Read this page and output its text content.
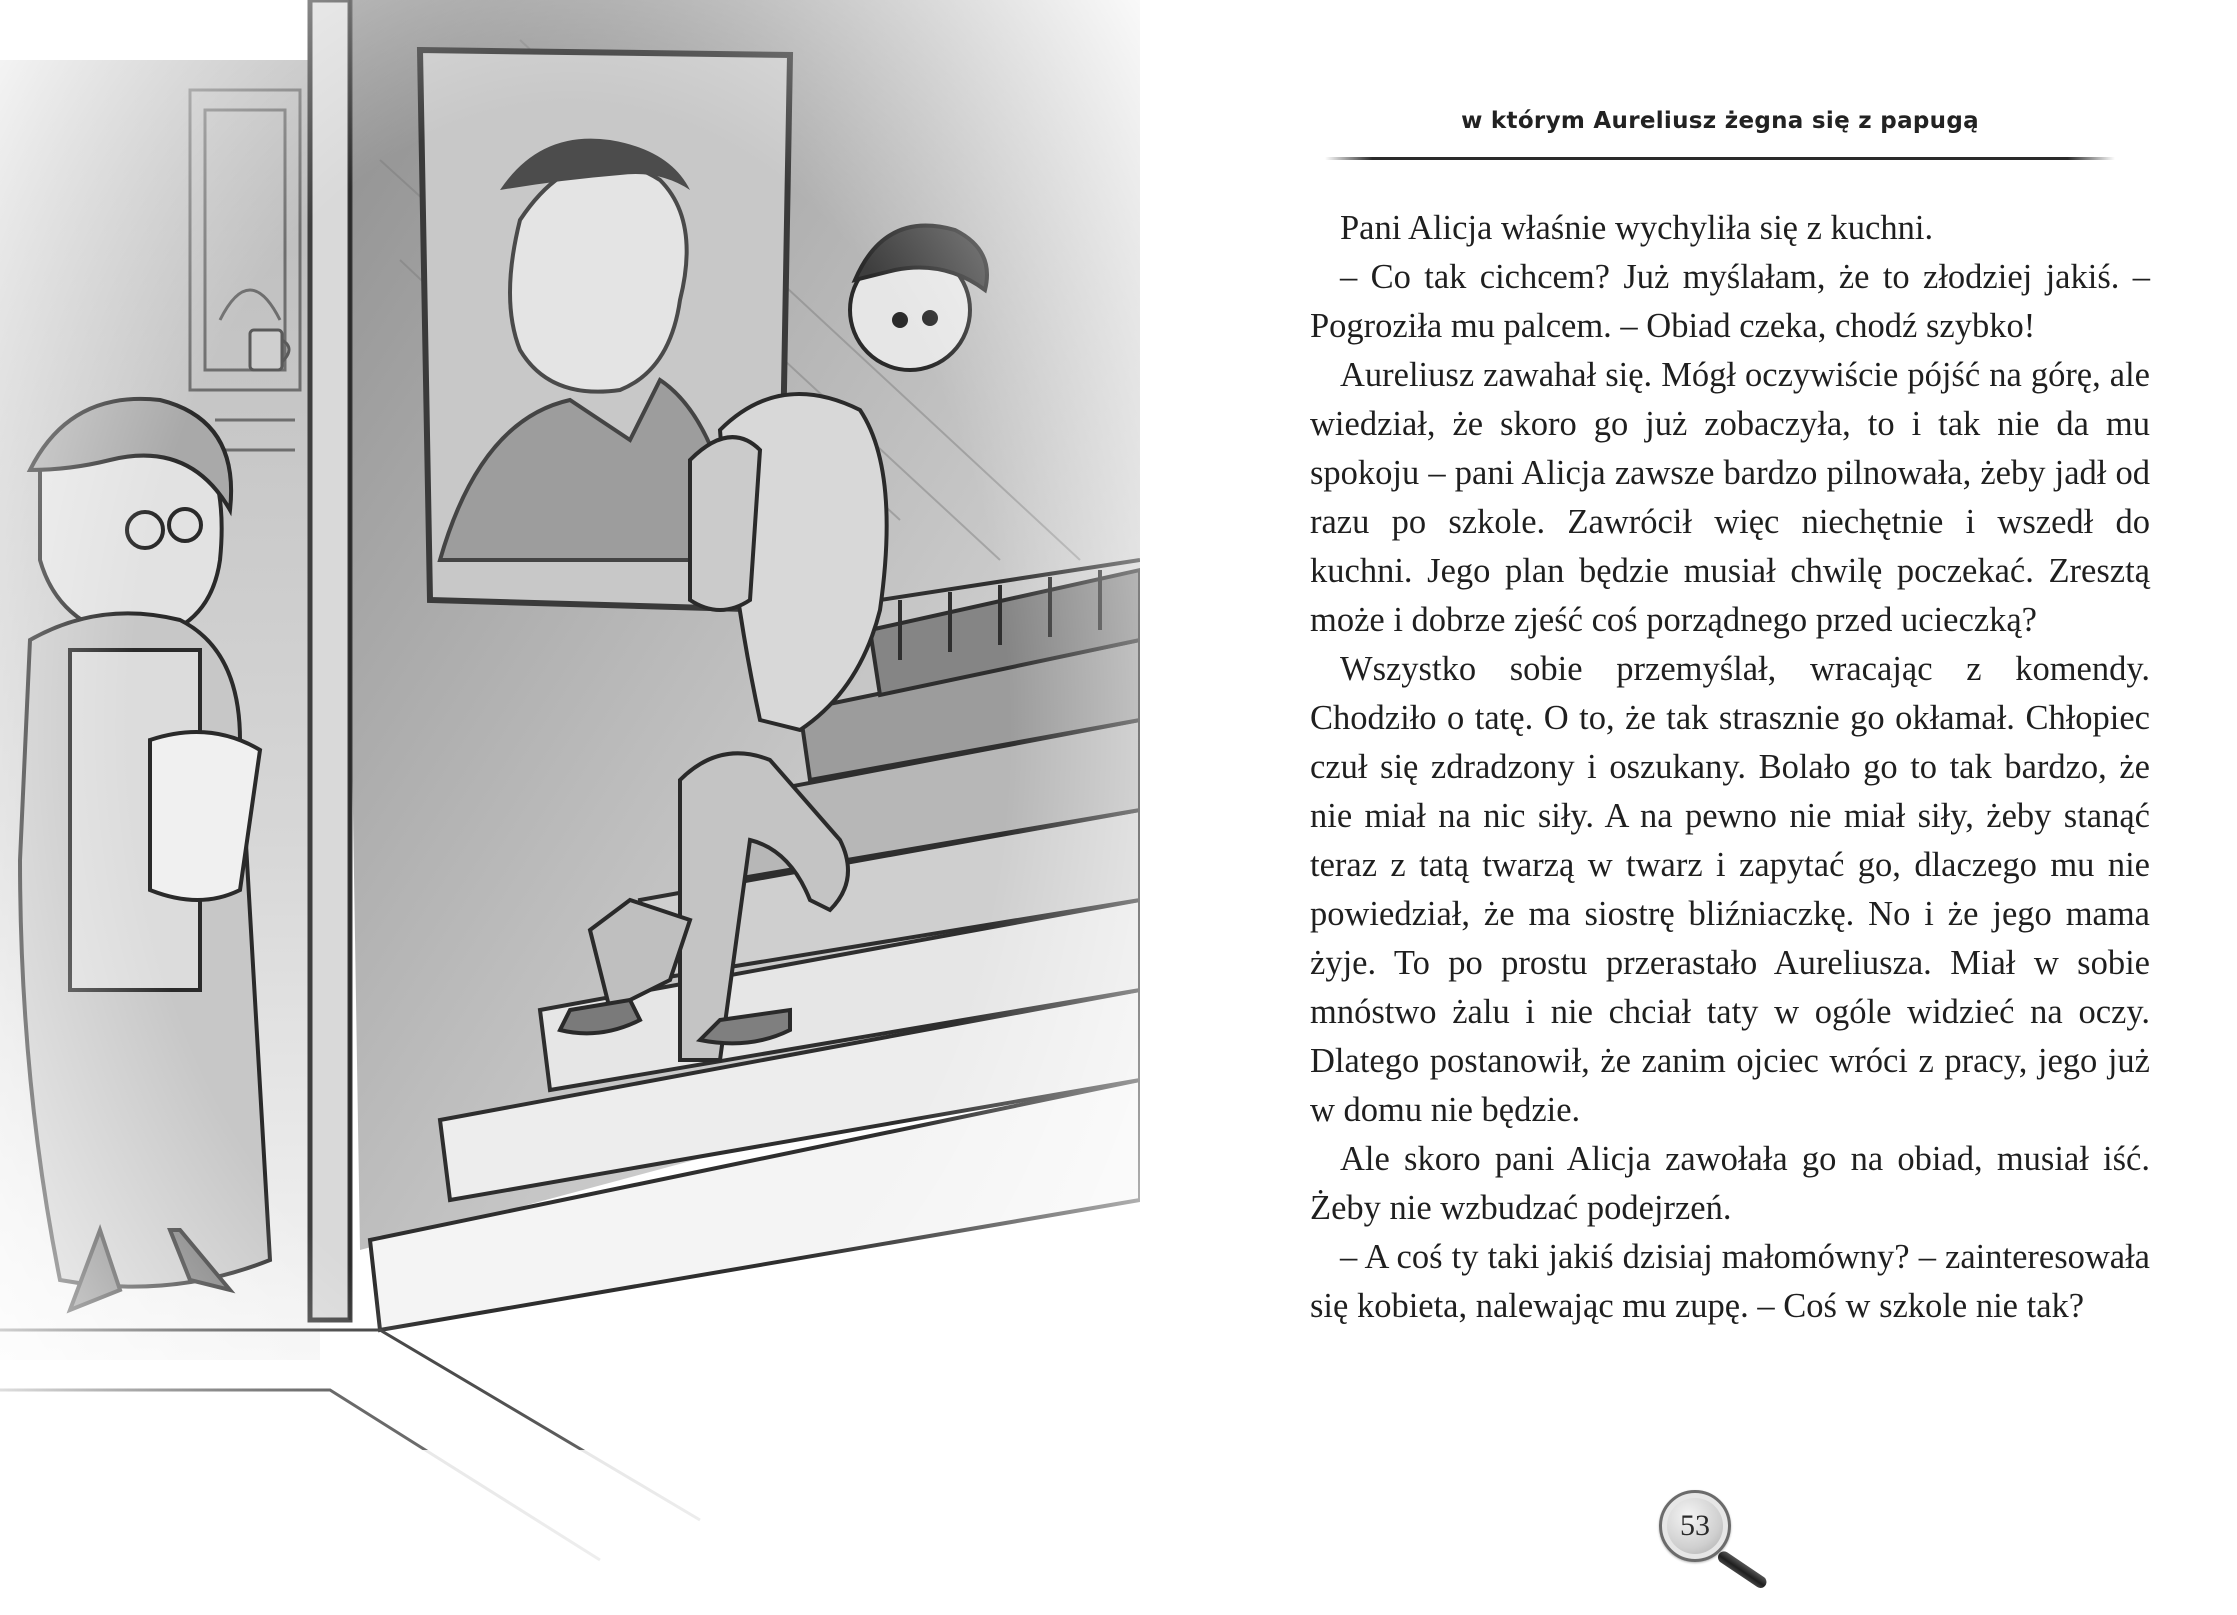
w którym Aureliusz żegna się z papugą

Pani Alicja właśnie wychyliła się z kuchni.

– Co tak cichcem? Już myślałam, że to złodziej jakiś. – Pogroziła mu palcem. – Obiad czeka, chodź szybko!

Aureliusz zawahał się. Mógł oczywiście pójść na górę, ale wiedział, że skoro go już zobaczyła, to i tak nie da mu spokoju – pani Alicja zawsze bardzo pilnowała, żeby jadł od razu po szkole. Zawrócił więc niechętnie i wszedł do kuchni. Jego plan będzie musiał chwilę poczekać. Zresztą może i dobrze zjeść coś porządnego przed ucieczką?

Wszystko sobie przemyślał, wracając z komendy. Chodziło o tatę. O to, że tak strasznie go okłamał. Chłopiec czuł się zdradzony i oszukany. Bolało go to tak bardzo, że nie miał na nic siły. A na pewno nie miał siły, żeby stanąć teraz z tatą twarzą w twarz i zapytać go, dlaczego mu nie powiedział, że ma siostrę bliźniaczkę. No i że jego mama żyje. To po prostu przerastało Aureliusza. Miał w sobie mnóstwo żalu i nie chciał taty w ogóle widzieć na oczy. Dlatego postanowił, że zanim ojciec wróci z pracy, jego już w domu nie będzie.

Ale skoro pani Alicja zawołała go na obiad, musiał iść. Żeby nie wzbudzać podejrzeń.

– A coś ty taki jakiś dzisiaj małomówny? – zainteresowała się kobieta, nalewając mu zupę. – Coś w szkole nie tak?

53
